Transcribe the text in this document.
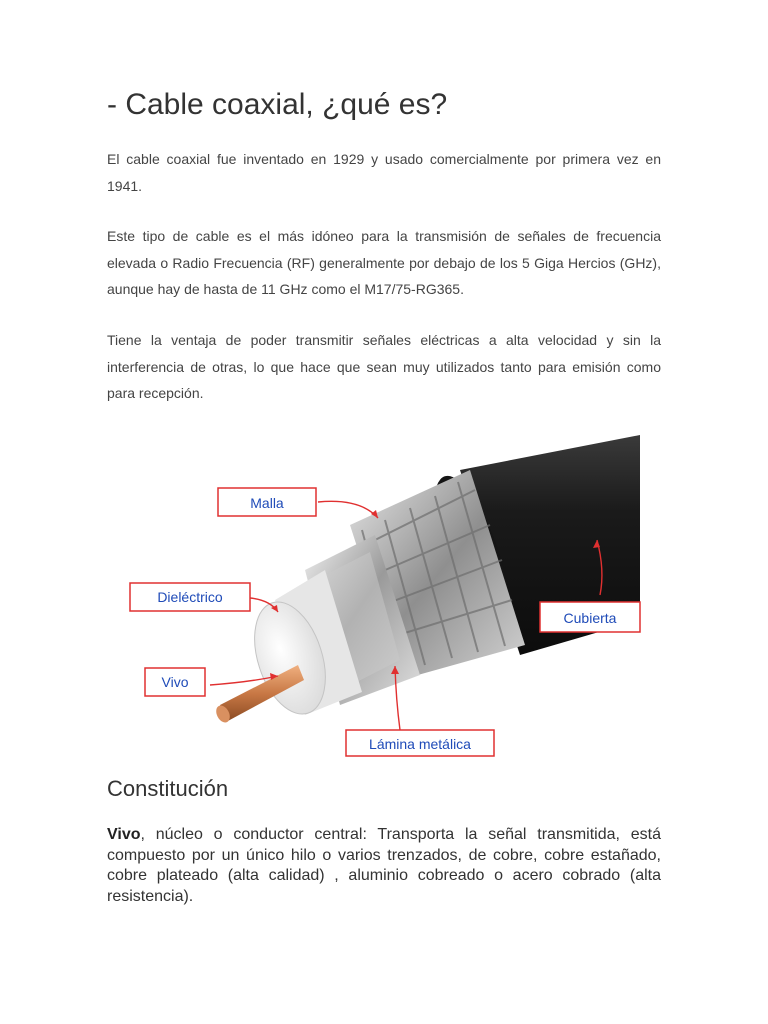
- Cable coaxial, ¿qué es?

El cable coaxial fue inventado en 1929 y usado comercialmente por primera vez en 1941.

Este tipo de cable es el más idóneo para la transmisión de señales de frecuencia elevada o Radio Frecuencia (RF) generalmente por debajo de los 5 Giga Hercios (GHz), aunque hay de hasta de 11 GHz como el M17/75-RG365.

Tiene la ventaja de poder transmitir señales eléctricas a alta velocidad y sin la interferencia de otras, lo que hace que sean muy utilizados tanto para emisión como para recepción.

Malla
Dieléctrico
Vivo
Cubierta
Lámina metálica
Constitución

Vivo, núcleo o conductor central: Transporta la señal transmitida, está compuesto por un único hilo o varios trenzados, de cobre, cobre estañado, cobre plateado (alta calidad) , aluminio cobreado o acero cobrado (alta resistencia).
